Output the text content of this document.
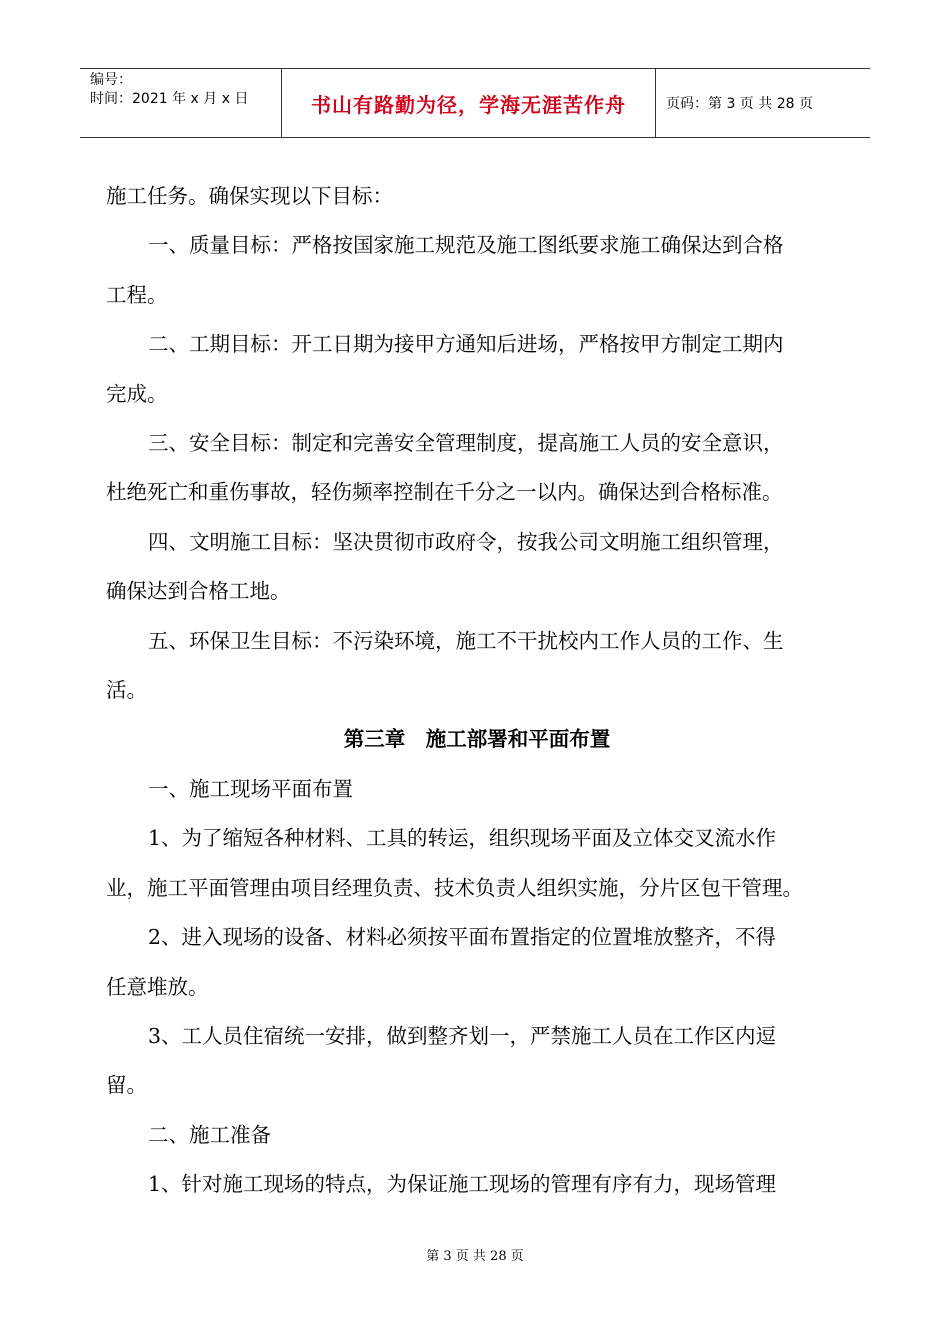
编号：
时间：2021 年 x 月 x 日	书山有路勤为径，学海无涯苦作舟	页码：第 3 页 共 28 页

施工任务。确保实现以下目标：

一、质量目标：严格按国家施工规范及施工图纸要求施工确保达到合格

工程。

二、工期目标：开工日期为接甲方通知后进场，严格按甲方制定工期内

完成。

三、安全目标：制定和完善安全管理制度，提高施工人员的安全意识，

杜绝死亡和重伤事故，轻伤频率控制在千分之一以内。确保达到合格标准。

四、文明施工目标：坚决贯彻市政府令，按我公司文明施工组织管理，

确保达到合格工地。

五、环保卫生目标：不污染环境，施工不干扰校内工作人员的工作、生

活。

第三章　施工部署和平面布置

一、施工现场平面布置

1、为了缩短各种材料、工具的转运，组织现场平面及立体交叉流水作

业，施工平面管理由项目经理负责、技术负责人组织实施，分片区包干管理。

2、进入现场的设备、材料必须按平面布置指定的位置堆放整齐，不得

任意堆放。

3、工人员住宿统一安排，做到整齐划一，严禁施工人员在工作区内逗

留。

二、施工准备

1、针对施工现场的特点，为保证施工现场的管理有序有力，现场管理

第 3 页 共 28 页
